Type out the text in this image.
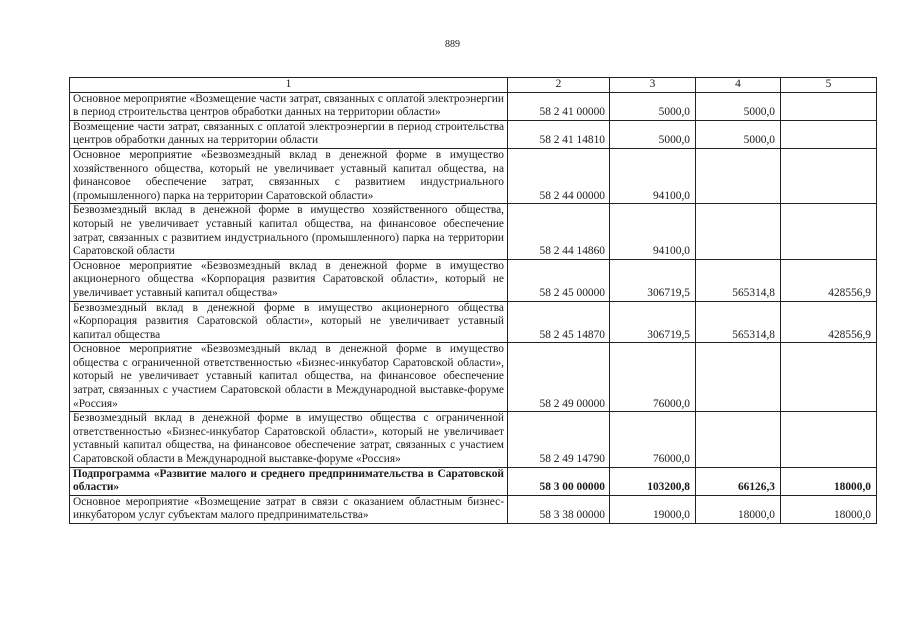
889
1	2	3	4	5
Основное мероприятие «Возмещение части затрат, связанных с оплатой электроэнергии в период строительства центров обработки данных на территории области»	58 2 41 00000	5000,0	5000,0	
Возмещение части затрат, связанных с оплатой электроэнергии в период строительства центров обработки данных на территории области	58 2 41 14810	5000,0	5000,0	
Основное мероприятие «Безвозмездный вклад в денежной форме в имущество хозяйственного общества, который не увеличивает уставный капитал общества, на финансовое обеспечение затрат, связанных с развитием индустриального (промышленного) парка на территории Саратовской области»	58 2 44 00000	94100,0		
Безвозмездный вклад в денежной форме в имущество хозяйственного общества, который не увеличивает уставный капитал общества, на финансовое обеспечение затрат, связанных с развитием индустриального (промышленного) парка на территории Саратовской области	58 2 44 14860	94100,0		
Основное мероприятие «Безвозмездный вклад в денежной форме в имущество акционерного общества «Корпорация развития Саратовской области», который не увеличивает уставный капитал общества»	58 2 45 00000	306719,5	565314,8	428556,9
Безвозмездный вклад в денежной форме в имущество акционерного общества «Корпорация развития Саратовской области», который не увеличивает уставный капитал общества	58 2 45 14870	306719,5	565314,8	428556,9
Основное мероприятие «Безвозмездный вклад в денежной форме в имущество общества с ограниченной ответственностью «Бизнес-инкубатор Саратовской области», который не увеличивает уставный капитал общества, на финансовое обеспечение затрат, связанных с участием Саратовской области в Международной выставке-форуме «Россия»	58 2 49 00000	76000,0		
Безвозмездный вклад в денежной форме в имущество общества с ограниченной ответственностью «Бизнес-инкубатор Саратовской области», который не увеличивает уставный капитал общества, на финансовое обеспечение затрат, связанных с участием Саратовской области в Международной выставке-форуме «Россия»	58 2 49 14790	76000,0		
Подпрограмма «Развитие малого и среднего предпринимательства в Саратовской области»	58 3 00 00000	103200,8	66126,3	18000,0
Основное мероприятие «Возмещение затрат в связи с оказанием областным бизнес-инкубатором услуг субъектам малого предпринимательства»	58 3 38 00000	19000,0	18000,0	18000,0
